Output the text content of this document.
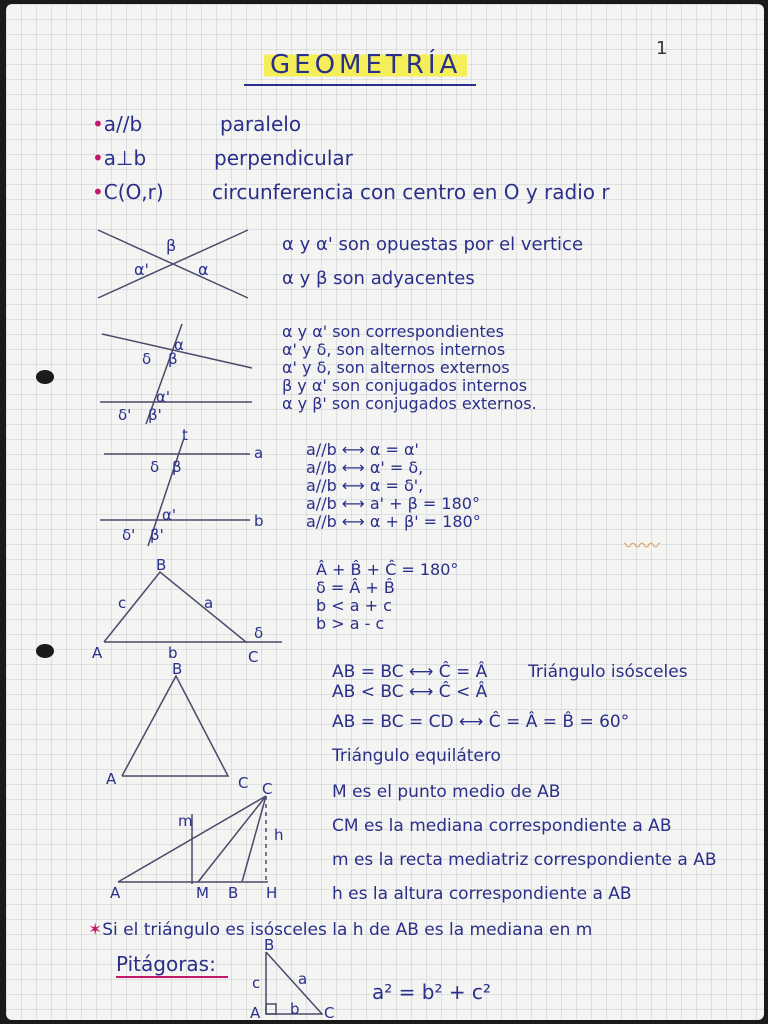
GEOMETRÍA
1
•a//b	paralelo
•a⊥b	perpendicular
•C(O,r) circunferencia con centro en O y radio r
β
α'	α
α y α' son opuestas por el vertice
α y β son adyacentes
α
δ β
α'
δ' β'
α y α' son correspondientes
α' y δ, son alternos internos
α' y δ, son alternos externos
β y α' son conjugados internos
α y β' son conjugados externos.
t
a
b
δ β
α'
δ' β'
a//b ⟷ α = α'
a//b ⟷ α' = δ,
a//b ⟷ α = δ',
a//b ⟷ a' + β = 180°
a//b ⟷ α + β' = 180°
〰〰
B
A	C
c	a
b
δ
Â + B̂ + Ĉ = 180°
δ = Â + B̂
b < a + c
b > a - c
B
A	C
AB = BC ⟷ Ĉ = Â Triángulo isósceles
AB < BC ⟷ Ĉ < Â
AB = BC = CD ⟷ Ĉ = Â = B̂ = 60°
Triángulo equilátero
m
C
h
A	M B H
M es el punto medio de AB
CM es la mediana correspondiente a AB
m es la recta mediatriz correspondiente a AB
h es la altura correspondiente a AB
✶Si el triángulo es isósceles la h de AB es la mediana en m
Pitágoras:
B
A	C
c	a
b
a² = b² + c²
